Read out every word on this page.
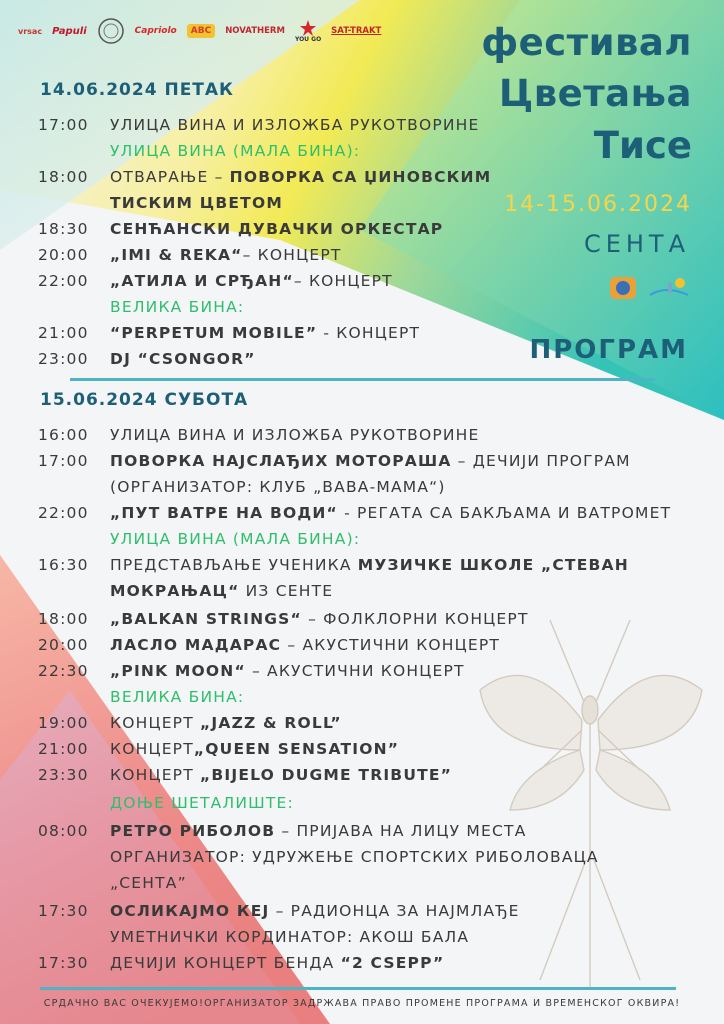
vrsac Papuli	Capriolo	ABC	NOVATHERM
YOU GO
SAT-TRAKT	фестивал
Цветања
Тисе
14-15.06.2024
СЕНТА
ПРОГРАМ
14.06.2024 ПЕТАК
17:00 УЛИЦА ВИНА И ИЗЛОЖБА РУКОТВОРИНЕ
УЛИЦА ВИНА (МАЛА БИНА):
18:00 ОТВАРАЊЕ – ПОВОРКА СА ЏИНОВСКИМ
ТИСКИМ ЦВЕТОМ
18:30 СЕНЋАНСКИ ДУВАЧКИ ОРКЕСТАР
20:00 „IMI & REKA“– КОНЦЕРТ
22:00 „АТИЛА И СРЂАН“– КОНЦЕРТ
ВЕЛИКА БИНА:
21:00 “PERPETUM MOBILE” - КОНЦЕРТ
23:00 DJ “CSONGOR”
15.06.2024 СУБОТА
16:00 УЛИЦА ВИНА И ИЗЛОЖБА РУКОТВОРИНЕ
17:00 ПОВОРКА НАЈСЛАЂИХ МОТОРАША – ДЕЧИЈИ ПРОГРАМ
(ОРГАНИЗАТОР: КЛУБ „ВАВА-МАМА“)
22:00 „ПУТ ВАТРЕ НА ВОДИ“ - РЕГАТА СА БАКЉАМА И ВАТРОМЕТ
УЛИЦА ВИНА (МАЛА БИНА):
16:30 ПРЕДСТАВЉАЊЕ УЧЕНИКА МУЗИЧКЕ ШКОЛЕ „СТЕВАН
МОКРАЊАЦ“ ИЗ СЕНТЕ
18:00 „BALKAN STRINGS“ – ФОЛКЛОРНИ КОНЦЕРТ
20:00 ЛАСЛО МАДАРАС – АКУСТИЧНИ КОНЦЕРТ
22:30 „PINK MOON“ – АКУСТИЧНИ КОНЦЕРТ
ВЕЛИКА БИНА:
19:00 КОНЦЕРТ „JAZZ & ROLL”
21:00 КОНЦЕРТ„QUEEN SENSATION”
23:30 КОНЦЕРТ „BIJELO DUGME TRIBUTE”
ДОЊЕ ШЕТАЛИШТЕ:
08:00 РЕТРО РИБОЛОВ – ПРИЈАВА НА ЛИЦУ МЕСТА
ОРГАНИЗАТОР: УДРУЖЕЊЕ СПОРТСКИХ РИБОЛОВАЦА
„СЕНТА”
17:30 ОСЛИКАЈМО КЕЈ – РАДИОНЦА ЗА НАЈМЛАЂЕ
УМЕТНИЧКИ КОРДИНАТОР: АКОШ БАЛА
17:30 ДЕЧИЈИ КОНЦЕРТ БЕНДА “2 CSEPP”
СРДАЧНО ВАС ОЧЕКУЈЕМО!ОРГАНИЗАТОР ЗАДРЖАВА ПРАВО ПРОМЕНЕ ПРОГРАМА И ВРЕМЕНСКОГ ОКВИРА!
